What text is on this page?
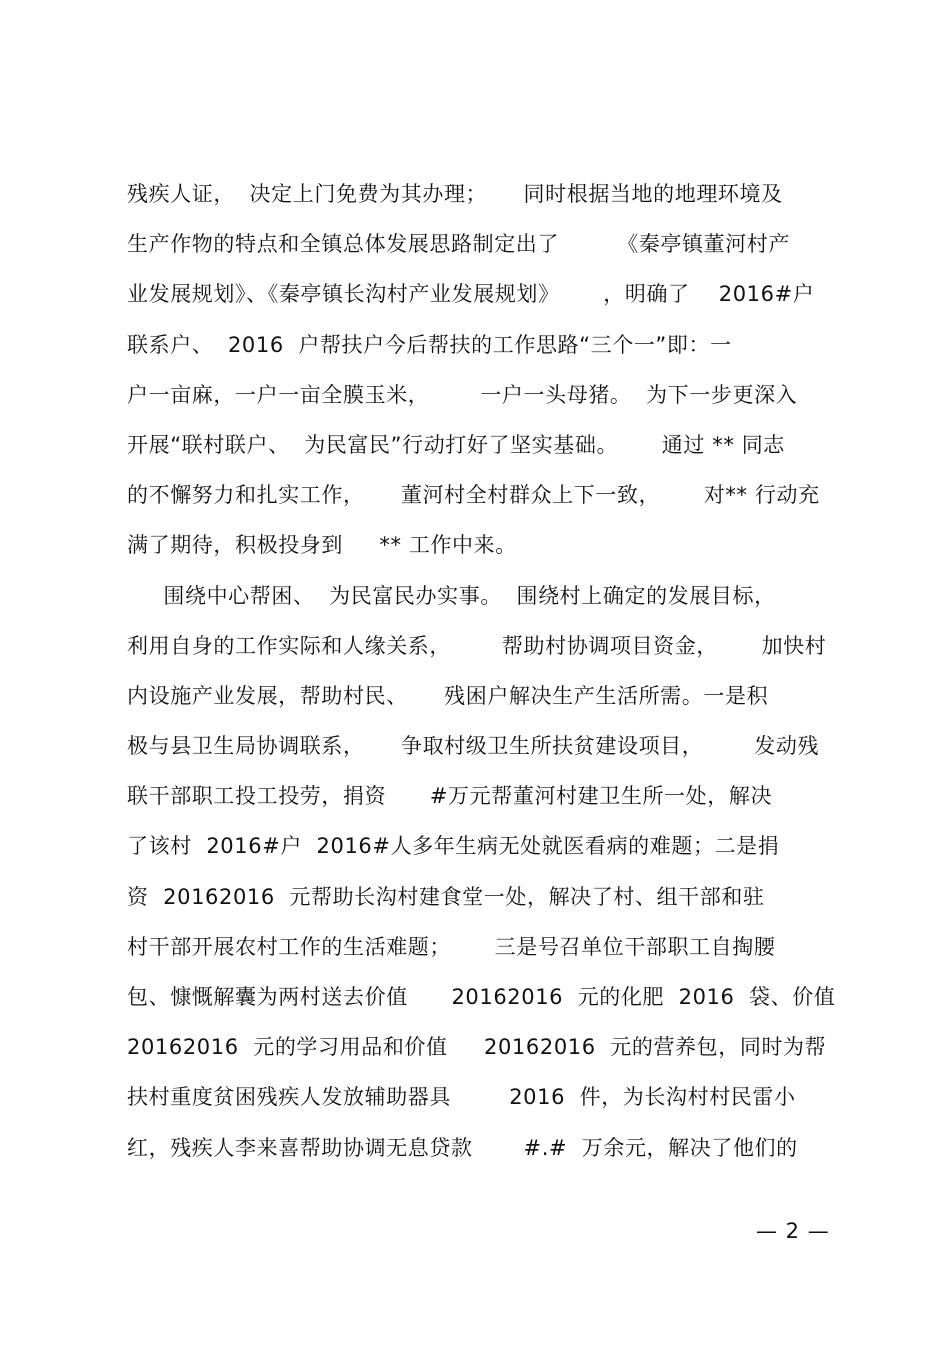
残疾人证，  决定上门免费为其办理；     同时根据当地的地理环境及
生产作物的特点和全镇总体发展思路制定出了        《秦亭镇董河村产
业发展规划》、《秦亭镇长沟村产业发展规划》      ，明确了    2016#户
联系户、  2016  户帮扶户今后帮扶的工作思路“三个一”即：一
户一亩麻，一户一亩全膜玉米，       一户一头母猪。  为下一步更深入
开展“联村联户、  为民富民”行动打好了坚实基础。      通过 ** 同志
的不懈努力和扎实工作，     董河村全村群众上下一致，      对** 行动充
满了期待，积极投身到     ** 工作中来。
围绕中心帮困、  为民富民办实事。  围绕村上确定的发展目标，
利用自身的工作实际和人缘关系，       帮助村协调项目资金，      加快村
内设施产业发展，帮助村民、     残困户解决生产生活所需。一是积
极与县卫生局协调联系，     争取村级卫生所扶贫建设项目，       发动残
联干部职工投工投劳，捐资      #万元帮董河村建卫生所一处，解决
了该村  2016#户  2016#人多年生病无处就医看病的难题；二是捐
资  20162016  元帮助长沟村建食堂一处，解决了村、组干部和驻
村干部开展农村工作的生活难题；      三是号召单位干部职工自掏腰
包、慷慨解囊为两村送去价值      20162016  元的化肥  2016  袋、价值
20162016  元的学习用品和价值     20162016  元的营养包，同时为帮
扶村重度贫困残疾人发放辅助器具        2016  件，为长沟村村民雷小
红，残疾人李来喜帮助协调无息贷款       #.#  万余元，解决了他们的
— 2 —
